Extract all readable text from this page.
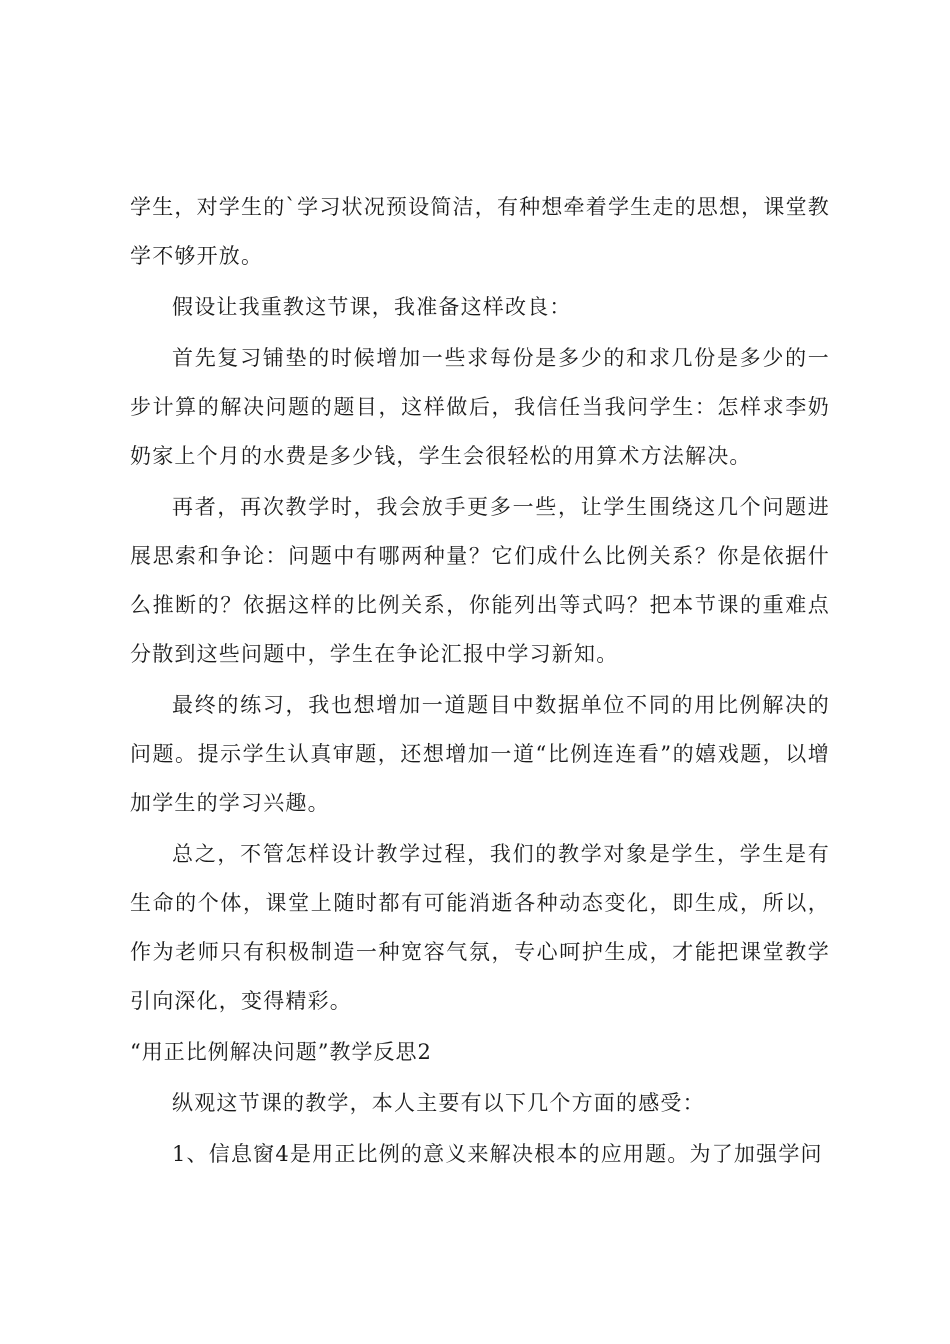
学生，对学生的`学习状况预设简洁，有种想牵着学生走的思想，课堂教学不够开放。

假设让我重教这节课，我准备这样改良：

首先复习铺垫的时候增加一些求每份是多少的和求几份是多少的一步计算的解决问题的题目，这样做后，我信任当我问学生：怎样求李奶奶家上个月的水费是多少钱，学生会很轻松的用算术方法解决。

再者，再次教学时，我会放手更多一些，让学生围绕这几个问题进展思索和争论：问题中有哪两种量？它们成什么比例关系？你是依据什么推断的？依据这样的比例关系，你能列出等式吗？把本节课的重难点分散到这些问题中，学生在争论汇报中学习新知。

最终的练习，我也想增加一道题目中数据单位不同的用比例解决的问题。提示学生认真审题，还想增加一道“比例连连看”的嬉戏题，以增加学生的学习兴趣。

总之，不管怎样设计教学过程，我们的教学对象是学生，学生是有生命的个体，课堂上随时都有可能消逝各种动态变化，即生成，所以，作为老师只有积极制造一种宽容气氛，专心呵护生成，才能把课堂教学引向深化，变得精彩。

“用正比例解决问题”教学反思2

纵观这节课的教学，本人主要有以下几个方面的感受：

1、信息窗4是用正比例的意义来解决根本的应用题。为了加强学问
